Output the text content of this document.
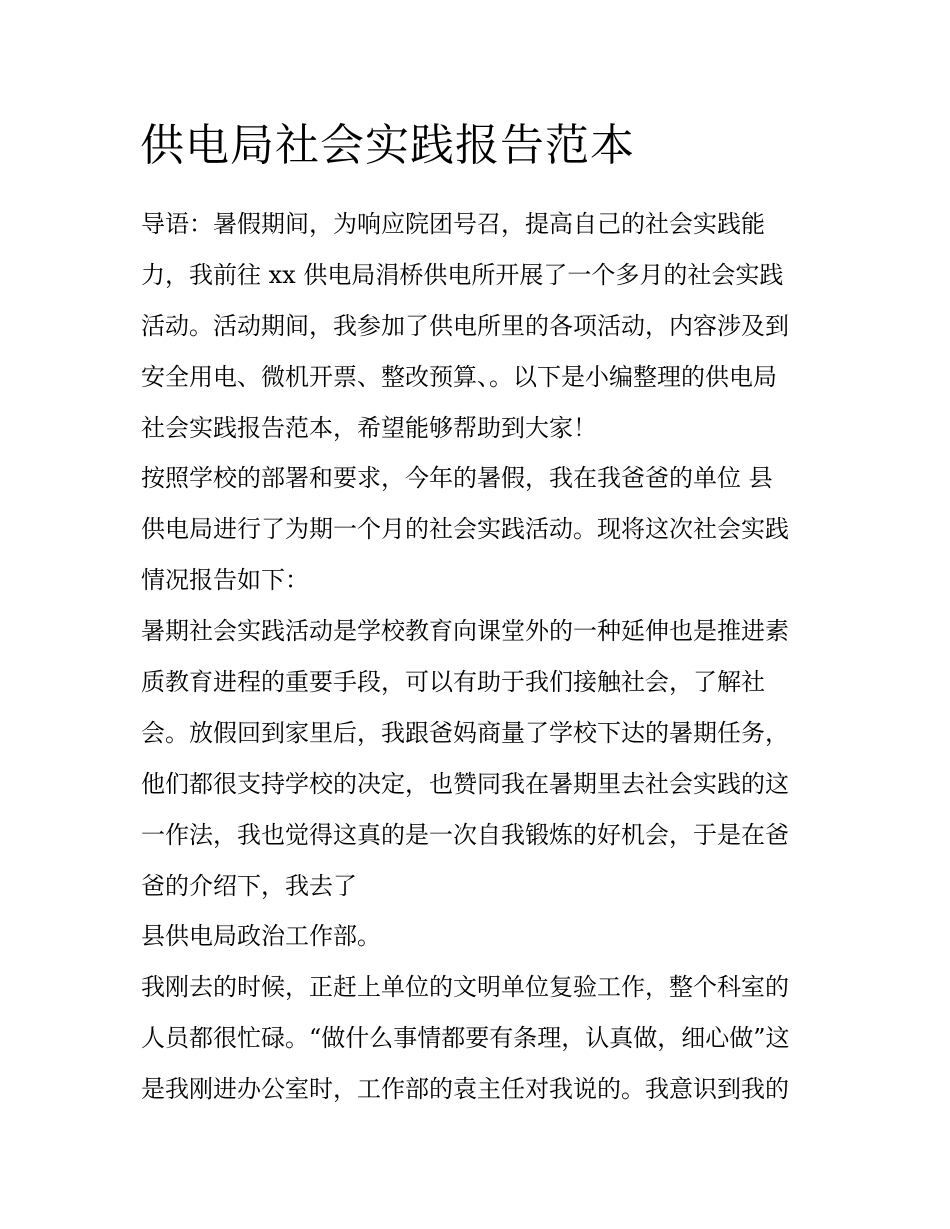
供电局社会实践报告范本

导语：暑假期间，为响应院团号召，提高自己的社会实践能

力，我前往 xx 供电局涓桥供电所开展了一个多月的社会实践

活动。活动期间，我参加了供电所里的各项活动，内容涉及到

安全用电、微机开票、整改预算、。以下是小编整理的供电局

社会实践报告范本，希望能够帮助到大家！

按照学校的部署和要求，今年的暑假，我在我爸爸的单位 县

供电局进行了为期一个月的社会实践活动。现将这次社会实践

情况报告如下：

暑期社会实践活动是学校教育向课堂外的一种延伸也是推进素

质教育进程的重要手段，可以有助于我们接触社会，了解社

会。放假回到家里后，我跟爸妈商量了学校下达的暑期任务，

他们都很支持学校的决定，也赞同我在暑期里去社会实践的这

一作法，我也觉得这真的是一次自我锻炼的好机会，于是在爸

爸的介绍下，我去了

县供电局政治工作部。

我刚去的时候，正赶上单位的文明单位复验工作，整个科室的

人员都很忙碌。“做什么事情都要有条理，认真做，细心做”这

是我刚进办公室时，工作部的袁主任对我说的。我意识到我的
